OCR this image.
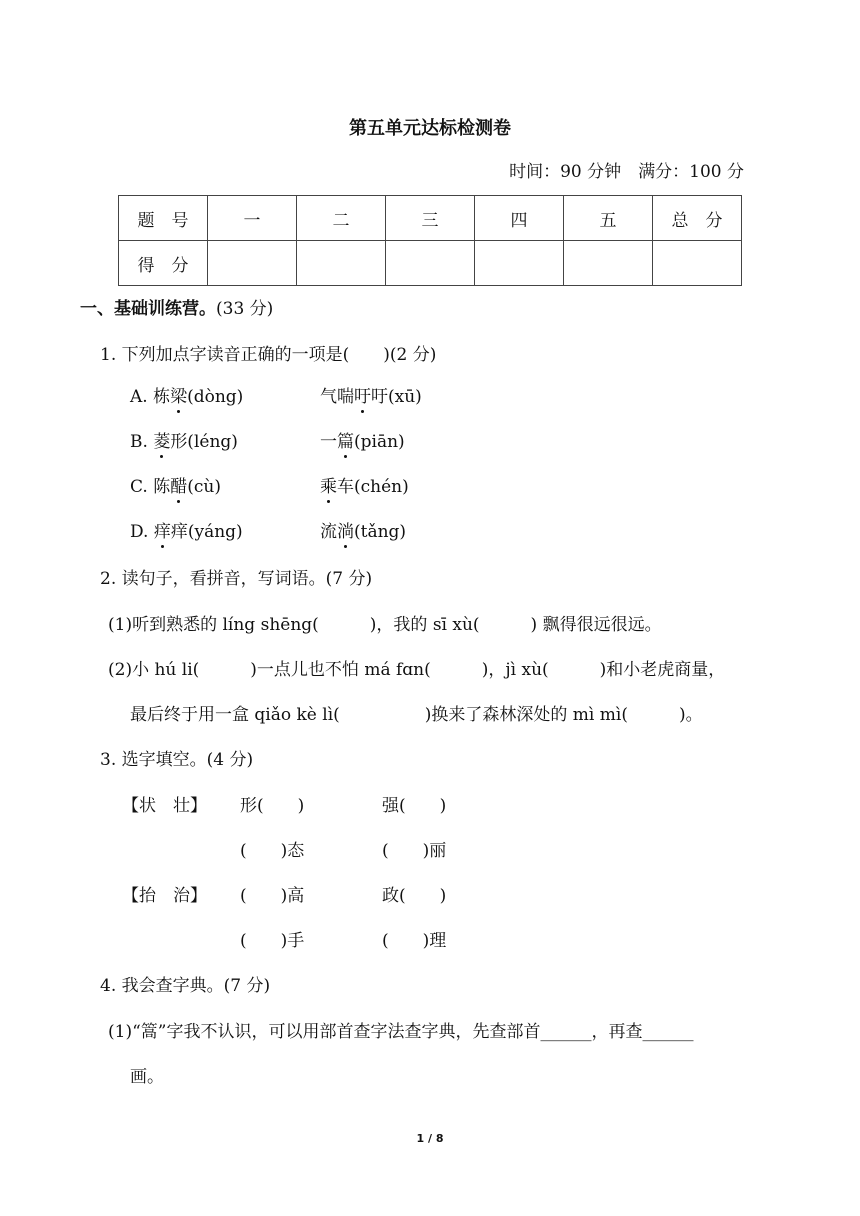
第五单元达标检测卷
时间：90 分钟　满分：100 分
题　号	一	二	三	四	五	总　分
得　分						
一、基础训练营。(33 分)
1. 下列加点字读音正确的一项是(　　)(2 分)
A. 栋梁(dòng)	气喘吁吁(xū)
B. 菱形(léng)	一篇(piān)
C. 陈醋(cù)	乘车(chén)
D. 痒痒(yáng)	流淌(tǎng)
2. 读句子，看拼音，写词语。(7 分)
(1)听到熟悉的 líng shēng(　　　)，我的 sī xù(　　　) 飘得很远很远。
(2)小 hú li(　　　)一点儿也不怕 má fɑn(　　　)，jì xù(　　　)和小老虎商量，
最后终于用一盒 qiǎo kè lì(　　　　　)换来了森林深处的 mì mì(　　　)。
3. 选字填空。(4 分)
【状　壮】 形(　　)	强(　　)
(　　)态	(　　)丽
【抬　治】 (　　)高	政(　　)
(　　)手	(　　)理
4. 我会查字典。(7 分)
(1)“篙”字我不认识，可以用部首查字法查字典，先查部首______，再查______
画。
1 / 8
